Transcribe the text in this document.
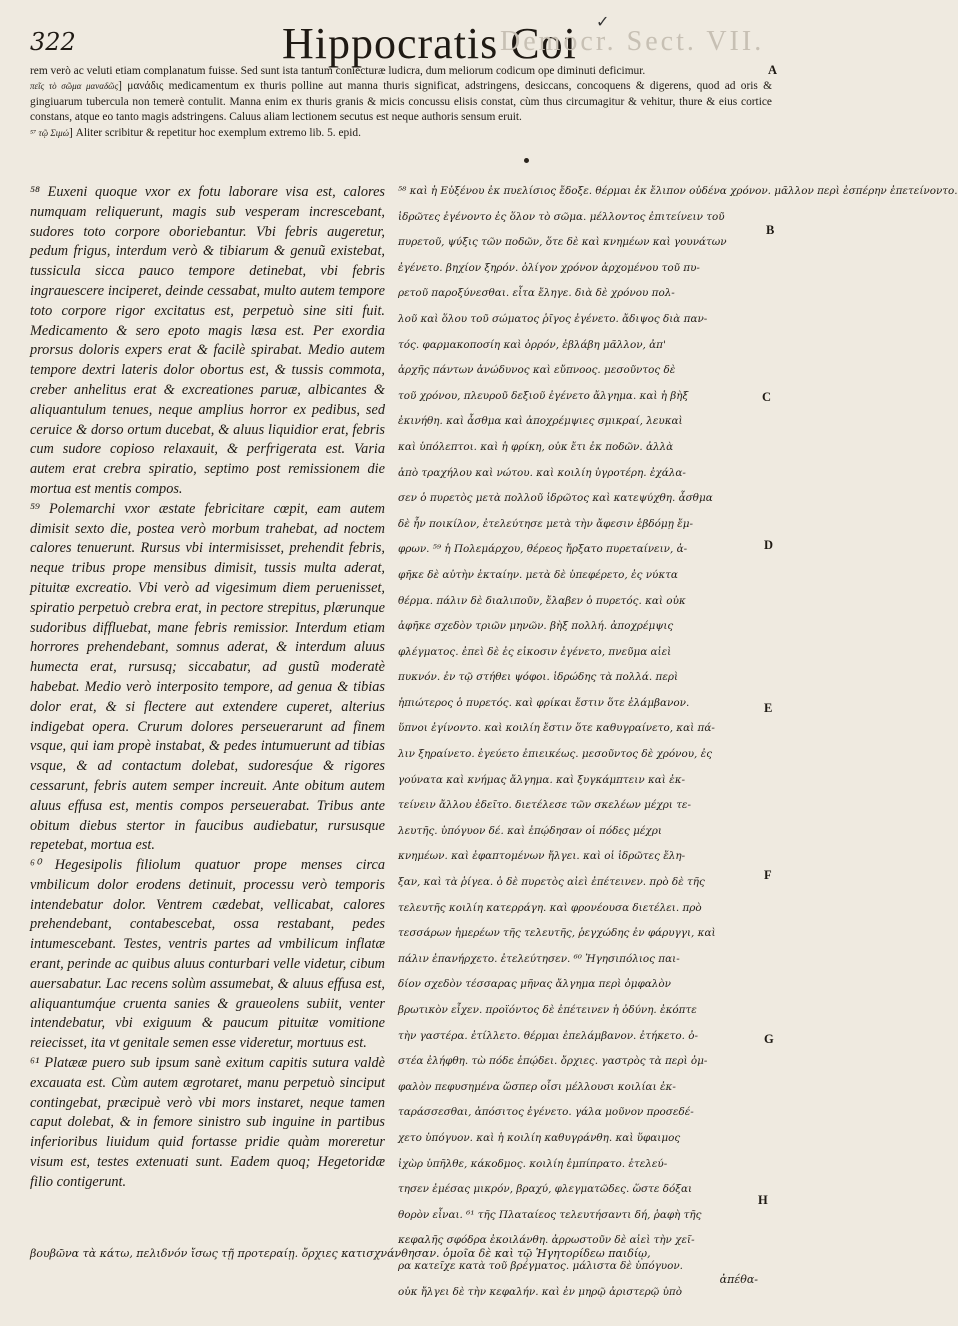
322	Hippocratis Coi
Democr. Sect. VII.
✓

rem verò ac veluti etiam complanatum fuisse. Sed sunt ista tantum coniecturæ ludicra, dum meliorum codicum ope diminuti deficimur.

πεῖς τὸ σῶμα μαναδῶς] μανάδις medicamentum ex thuris polline aut manna thuris significat, adstringens, desiccans, concoquens & digerens, quod ad oris & gingiuarum tubercula non temerè contulit. Manna enim ex thuris granis & micis concussu elisis constat, cùm thus circumagitur & vehitur, thure & eius cortice constans, atque eo tanto magis adstringens. Caluus aliam lectionem secutus est neque authoris sensum eruit.

⁵⁷ τῷ Σιμώ] Aliter scribitur & repetitur hoc exemplum extremo lib. 5. epid.

A
B
C
D
E
F
G
H

⁵⁸ Euxeni quoque vxor ex fotu laborare visa est, calores numquam reliquerunt, magis sub vesperam increscebant, sudores toto corpore oboriebantur. Vbi febris augeretur, pedum frigus, interdum verò & tibiarum & genuũ existebat, tussicula sicca pauco tempore detinebat, vbi febris ingrauescere inciperet, deinde cessabat, multo autem tempore toto corpore rigor excitatus est, perpetuò sine siti fuit. Medicamento & sero epoto magis læsa est. Per exordia prorsus doloris expers erat & facilè spirabat. Medio autem tempore dextri lateris dolor obortus est, & tussis commota, creber anhelitus erat & excreationes paruæ, albicantes & aliquantulum tenues, neque amplius horror ex pedibus, sed ceruice & dorso ortum ducebat, & aluus liquidior erat, febris cum sudore copioso relaxauit, & perfrigerata est. Varia autem erat crebra spiratio, septimo post remissionem die mortua est mentis compos.

⁵⁹ Polemarchi vxor æstate febricitare cœpit, eam autem dimisit sexto die, postea verò morbum trahebat, ad noctem calores tenuerunt. Rursus vbi intermisisset, prehendit febris, neque tribus prope mensibus dimisit, tussis multa aderat, pituitæ excreatio. Vbi verò ad vigesimum diem peruenisset, spiratio perpetuò crebra erat, in pectore strepitus, plærunque sudoribus diffluebat, mane febris remissior. Interdum etiam horrores prehendebant, somnus aderat, & interdum aluus humecta erat, rursusq; siccabatur, ad gustũ moderatè habebat. Medio verò interposito tempore, ad genua & tibias dolor erat, & si flectere aut extendere cuperet, alterius indigebat opera. Crurum dolores perseuerarunt ad finem vsque, qui iam propè instabat, & pedes intumuerunt ad tibias vsque, & ad contactum dolebat, sudoresq́ue & rigores cessarunt, febris autem semper increuit. Ante obitum autem aluus effusa est, mentis compos perseuerabat. Tribus ante obitum diebus stertor in faucibus audiebatur, rursusque repetebat, mortua est.

⁶⁰ Hegesipolis filiolum quatuor prope menses circa vmbilicum dolor erodens detinuit, processu verò temporis intendebatur dolor. Ventrem cædebat, vellicabat, calores prehendebant, contabescebat, ossa restabant, pedes intumescebant. Testes, ventris partes ad vmbilicum inflatæ erant, perinde ac quibus aluus conturbari velle videtur, cibum auersabatur. Lac recens solùm assumebat, & aluus effusa est, aliquantumq́ue cruenta sanies & graueolens subiit, venter intendebatur, vbi exiguum & paucum pituitæ vomitione reiecisset, ita vt genitale semen esse videretur, mortuus est.

⁶¹ Platææ puero sub ipsum sanè exitum capitis sutura valdè excauata est. Cùm autem ægrotaret, manu perpetuò sinciput contingebat, præcipuè verò vbi mors instaret, neque tamen caput dolebat, & in femore sinistro sub inguine in partibus inferioribus liuidum quid fortasse pridie quàm moreretur visum est, testes extenuati sunt. Eadem quoq; Hegetoridæ filio contigerunt.

⁵⁸ καὶ ἡ Εὐξένου ἐκ πυελίσιος ἔδοξε. θέρμαι ἐκ ἔλιπον οὐδένα χρόνον. μᾶλλον περὶ ἑσπέρην ἐπετείνοντο.
ἱδρῶτες ἐγένοντο ἐς ὅλον τὸ σῶμα. μέλλοντος ἐπιτείνειν τοῦ
πυρετοῦ, ψύξις τῶν ποδῶν, ὅτε δὲ καὶ κνημέων καὶ γουνάτων
ἐγένετο. βηχίον ξηρόν. ὀλίγον χρόνον ἀρχομένου τοῦ πυ-
ρετοῦ παροξύνεσθαι. εἶτα ἔληγε. διὰ δὲ χρόνου πολ-
λοῦ καὶ ὅλου τοῦ σώματος ῥῖγος ἐγένετο. ἄδιψος διὰ παν-
τός. φαρμακοποσίη καὶ ὀρρόν, ἐβλάβη μᾶλλον, ἀπ'
ἀρχῆς πάντων ἀνώδυνος καὶ εὔπνοος. μεσοῦντος δὲ
τοῦ χρόνου, πλευροῦ δεξιοῦ ἐγένετο ἄλγημα. καὶ ἡ βὴξ
ἐκινήθη. καὶ ἆσθμα καὶ ἀποχρέμψιες σμικραί, λευκαὶ
καὶ ὑπόλεπτοι. καὶ ἡ φρίκη, οὐκ ἔτι ἐκ ποδῶν. ἀλλὰ
ἀπὸ τραχήλου καὶ νώτου. καὶ κοιλίη ὑγροτέρη. ἐχάλα-
σεν ὁ πυρετὸς μετὰ πολλοῦ ἱδρῶτος καὶ κατεψύχθη. ἆσθμα
δὲ ἦν ποικίλον, ἐτελεύτησε μετὰ τὴν ἄφεσιν ἑβδόμῃ ἔμ-
φρων. ⁵⁹ ἡ Πολεμάρχου, θέρεος ἤρξατο πυρεταίνειν, ἀ-
φῆκε δὲ αὐτὴν ἑκταίην. μετὰ δὲ ὑπεφέρετο, ἐς νύκτα
θέρμα. πάλιν δὲ διαλιποῦν, ἔλαβεν ὁ πυρετός. καὶ οὐκ
ἀφῆκε σχεδὸν τριῶν μηνῶν. βὴξ πολλή. ἀποχρέμψις
φλέγματος. ἐπεὶ δὲ ἐς εἰκοσιν ἐγένετο, πνεῦμα αἰεὶ
πυκνόν. ἐν τῷ στήθει ψόφοι. ἱδρώδης τὰ πολλά. περὶ
ἠπιώτερος ὁ πυρετός. καὶ φρίκαι ἔστιν ὅτε ἐλάμβανον.
ὕπνοι ἐγίνοντο. καὶ κοιλίη ἔστιν ὅτε καθυγραίνετο, καὶ πά-
λιν ξηραίνετο. ἐγεύετο ἐπιεικέως. μεσοῦντος δὲ χρόνου, ἐς
γούνατα καὶ κνήμας ἄλγημα. καὶ ξυγκάμπτειν καὶ ἐκ-
τείνειν ἄλλου ἐδεῖτο. διετέλεσε τῶν σκελέων μέχρι τε-
λευτῆς. ὑπόγυον δέ. καὶ ἐπῴδησαν οἱ πόδες μέχρι
κνημέων. καὶ ἐφαπτομένων ἤλγει. καὶ οἱ ἱδρῶτες ἔλη-
ξαν, καὶ τὰ ῥίγεα. ὁ δὲ πυρετὸς αἰεὶ ἐπέτεινεν. πρὸ δὲ τῆς
τελευτῆς κοιλίη κατερράγη. καὶ φρονέουσα διετέλει. πρὸ
τεσσάρων ἡμερέων τῆς τελευτῆς, ῥεγχώδης ἐν φάρυγγι, καὶ
πάλιν ἐπανήρχετο. ἐτελεύτησεν. ⁶⁰ Ἡγησιπόλιος παι-
δίον σχεδὸν τέσσαρας μῆνας ἄλγημα περὶ ὀμφαλὸν
βρωτικὸν εἶχεν. προϊόντος δὲ ἐπέτεινεν ἡ ὀδύνη. ἐκόπτε
τὴν γαστέρα. ἐτίλλετο. θέρμαι ἐπελάμβανον. ἐτήκετο. ὀ-
στέα ἐλήφθη. τὼ πόδε ἐπῴδει. ὄρχιες. γαστρὸς τὰ περὶ ὀμ-
φαλὸν πεφυσημένα ὥσπερ οἷσι μέλλουσι κοιλίαι ἐκ-
ταράσσεσθαι, ἀπόσιτος ἐγένετο. γάλα μοῦνον προσεδέ-
χετο ὑπόγυον. καὶ ἡ κοιλίη καθυγράνθη. καὶ ὕφαιμος
ἰχὼρ ὑπῆλθε, κάκοδμος. κοιλίη ἐμπίπρατο. ἐτελεύ-
τησεν ἐμέσας μικρόν, βραχύ, φλεγματῶδες. ὥστε δόξαι
θορὸν εἶναι. ⁶¹ τῆς Πλαταίεος τελευτήσαντι δή, ῥαφὴ τῆς
κεφαλῆς σφόδρα ἐκοιλάνθη. ἀρρωστοῦν δὲ αἰεὶ τὴν χεῖ-
ρα κατεῖχε κατὰ τοῦ βρέγματος. μάλιστα δὲ ὑπόγυον.
οὐκ ἤλγει δὲ τὴν κεφαλήν. καὶ ἐν μηρῷ ἀριστερῷ ὑπὸ
βουβῶνα τὰ κάτω, πελιδνόν ἴσως τῇ προτεραίῃ. ὄρχιες κατισχνάνθησαν. ὁμοῖα δὲ καὶ τῷ Ἡγητορίδεω παιδίῳ,
ἀπέθα-
